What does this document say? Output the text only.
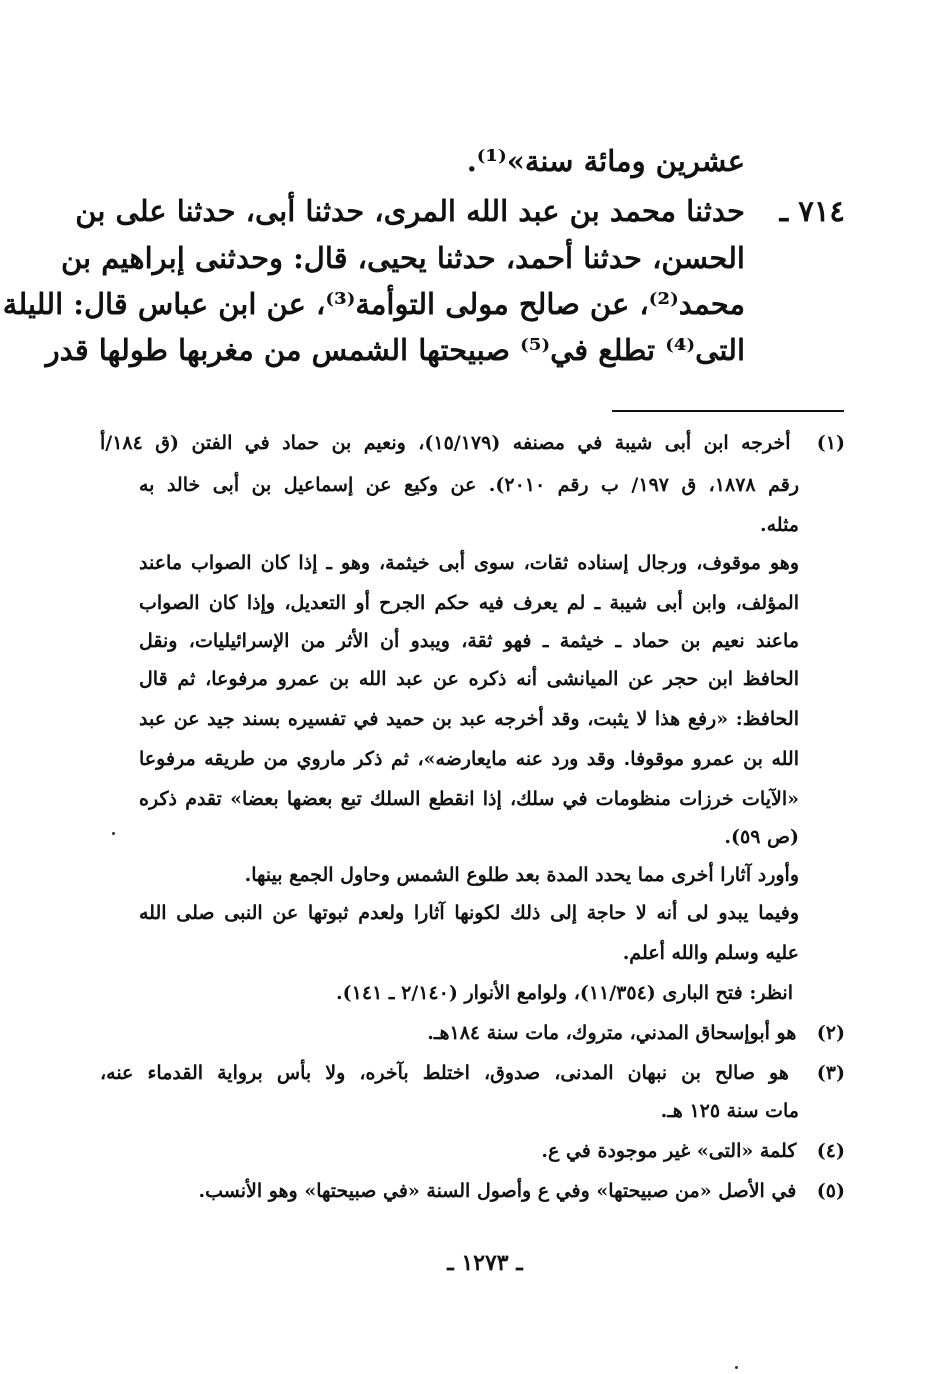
عشرين ومائة سنة»⁽¹⁾.
٧١٤ ـ
حدثنا محمد بن عبد الله المرى، حدثنا أبى، حدثنا على بن
الحسن، حدثنا أحمد، حدثنا يحيى، قال: وحدثنى إبراهيم بن
محمد⁽²⁾، عن صالح مولى التوأمة⁽³⁾، عن ابن عباس قال: الليلة
التى⁽⁴⁾ تطلع في⁽⁵⁾ صبيحتها الشمس من مغربها طولها قدر
(١) أخرجه ابن أبى شيبة في مصنفه (١٥/١٧٩)، ونعيم بن حماد في الفتن (ق ١٨٤/أ
رقم ١٨٧٨، ق ١٩٧/ ب رقم ٢٠١٠). عن وكيع عن إسماعيل بن أبى خالد به
مثله.
وهو موقوف، ورجال إسناده ثقات، سوى أبى خيثمة، وهو ـ إذا كان الصواب ماعند
المؤلف، وابن أبى شيبة ـ لم يعرف فيه حكم الجرح أو التعديل، وإذا كان الصواب
ماعند نعيم بن حماد ـ خيثمة ـ فهو ثقة، ويبدو أن الأثر من الإسرائيليات، ونقل
الحافظ ابن حجر عن الميانشى أنه ذكره عن عبد الله بن عمرو مرفوعا، ثم قال
الحافظ: «رفع هذا لا يثبت، وقد أخرجه عبد بن حميد في تفسيره بسند جيد عن عبد
الله بن عمرو موقوفا. وقد ورد عنه مايعارضه»، ثم ذكر ماروي من طريقه مرفوعا
«الآيات خرزات منظومات في سلك، إذا انقطع السلك تبع بعضها بعضا» تقدم ذكره
(ص ٥٩).
وأورد آثارا أخرى مما يحدد المدة بعد طلوع الشمس وحاول الجمع بينها.
وفيما يبدو لى أنه لا حاجة إلى ذلك لكونها آثارا ولعدم ثبوتها عن النبى صلى الله
عليه وسلم والله أعلم.
انظر: فتح البارى (١١/٣٥٤)، ولوامع الأنوار (٢/١٤٠ ـ ١٤١).
(٢) هو أبوإسحاق المدني، متروك، مات سنة ١٨٤هـ.
(٣) هو صالح بن نبهان المدنى، صدوق، اختلط بآخره، ولا بأس برواية القدماء عنه،
مات سنة ١٢٥ هـ.
(٤) كلمة «التى» غير موجودة في ع.
(٥) في الأصل «من صبيحتها» وفي ع وأصول السنة «في صبيحتها» وهو الأنسب.
ـ ١٢٧٣ ـ
